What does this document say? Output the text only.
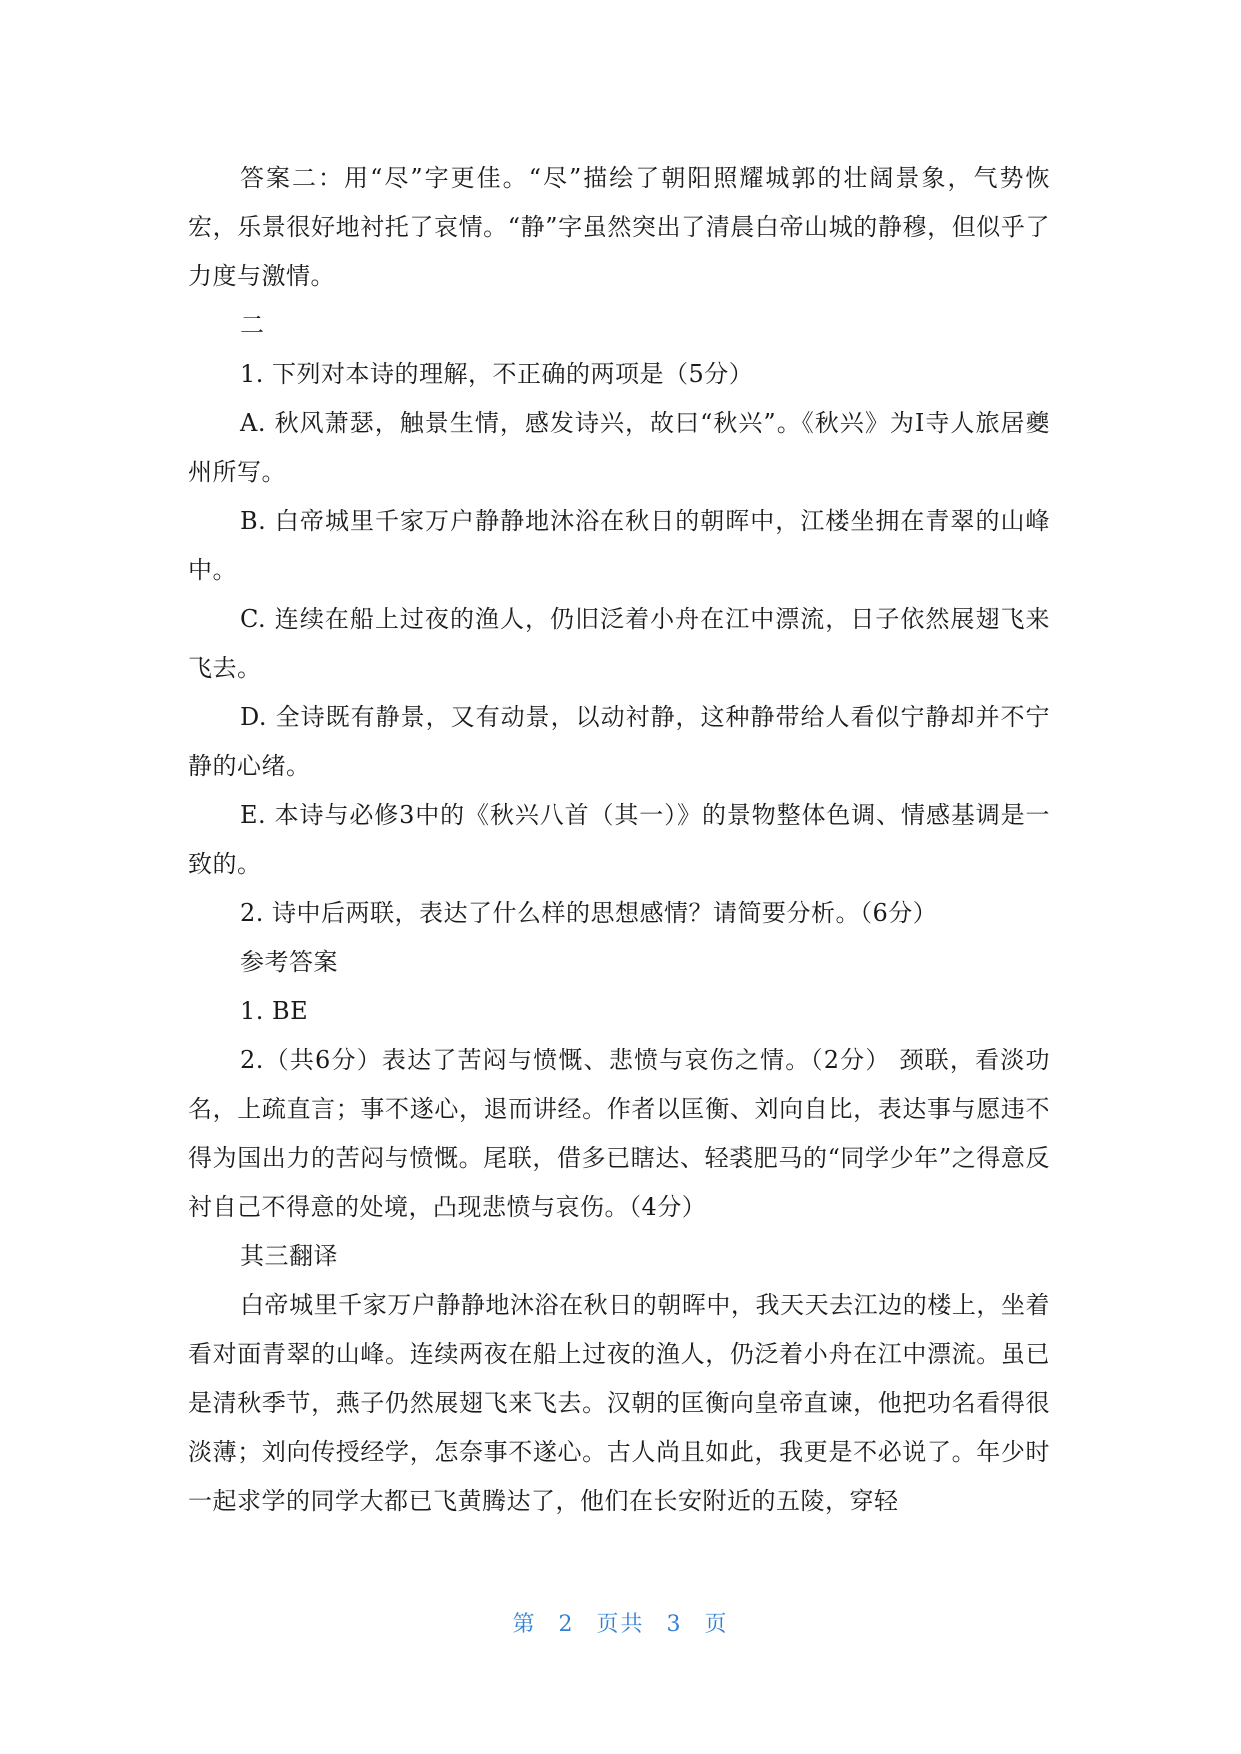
答案二：用“尽”字更佳。“尽”描绘了朝阳照耀城郭的壮阔景象，气势恢宏，乐景很好地衬托了哀情。“静”字虽然突出了清晨白帝山城的静穆，但似乎了力度与激情。

二

1. 下列对本诗的理解，不正确的两项是（5分）

A. 秋风萧瑟，触景生情，感发诗兴，故曰“秋兴”。《秋兴》为I寺人旅居夔州所写。

B. 白帝城里千家万户静静地沐浴在秋日的朝晖中，江楼坐拥在青翠的山峰中。

C. 连续在船上过夜的渔人，仍旧泛着小舟在江中漂流，日子依然展翅飞来飞去。

D. 全诗既有静景，又有动景，以动衬静，这种静带给人看似宁静却并不宁静的心绪。

E. 本诗与必修3中的《秋兴八首（其一）》的景物整体色调、情感基调是一致的。

2. 诗中后两联，表达了什么样的思想感情？请简要分析。（6分）

参考答案

1. BE

2.（共6分）表达了苦闷与愤慨、悲愤与哀伤之情。（2分） 颈联，看淡功名，上疏直言；事不遂心，退而讲经。作者以匡衡、刘向自比，表达事与愿违不得为国出力的苦闷与愤慨。尾联，借多已瞎达、轻裘肥马的“同学少年”之得意反衬自己不得意的处境，凸现悲愤与哀伤。（4分）

其三翻译

白帝城里千家万户静静地沐浴在秋日的朝晖中，我天天去江边的楼上，坐着看对面青翠的山峰。连续两夜在船上过夜的渔人，仍泛着小舟在江中漂流。虽已是清秋季节，燕子仍然展翅飞来飞去。汉朝的匡衡向皇帝直谏，他把功名看得很淡薄；刘向传授经学，怎奈事不遂心。古人尚且如此，我更是不必说了。年少时一起求学的同学大都已飞黄腾达了，他们在长安附近的五陵，穿轻

第 2 页共 3 页
